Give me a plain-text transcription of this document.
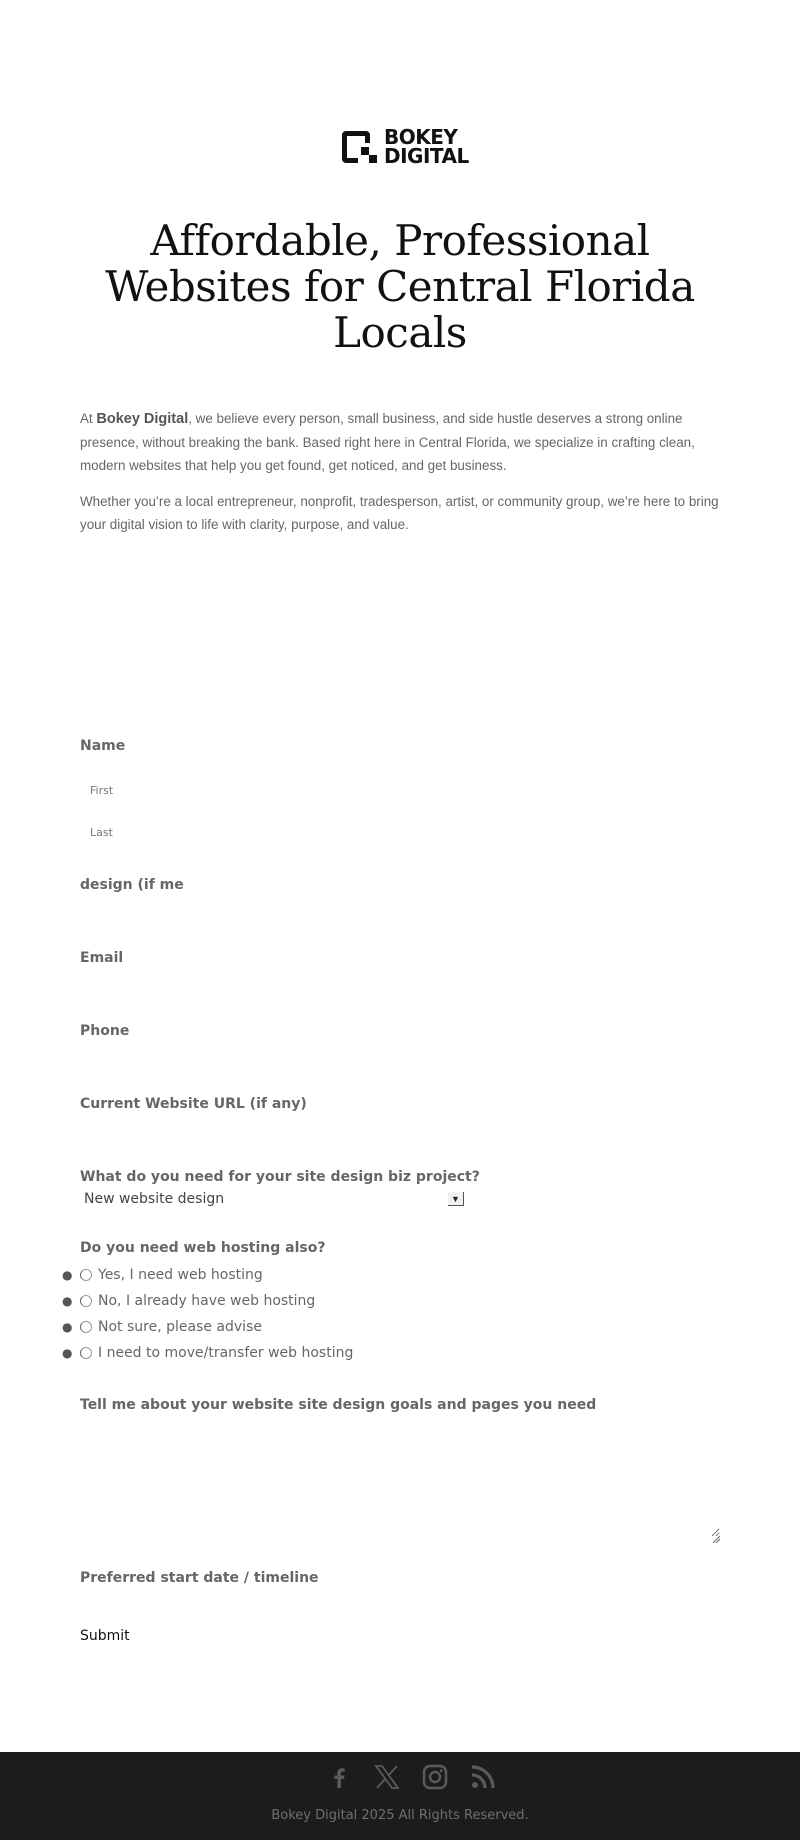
BOKEY
DIGITAL
Affordable, Professional Websites for Central Florida Locals

At Bokey Digital, we believe every person, small business, and side hustle deserves a strong online presence, without breaking the bank. Based right here in Central Florida, we specialize in crafting clean, modern websites that help you get found, get noticed, and get business.

Whether you’re a local entrepreneur, nonprofit, tradesperson, artist, or community group, we’re here to bring your digital vision to life with clarity, purpose, and value.

Name
First
Last
design (if me
Email
Phone
Current Website URL (if any)
What do you need for your site design biz project?
New website design	▼
Do you need web hosting also?
●	Yes, I need web hosting
●	No, I already have web hosting
●	Not sure, please advise
●	I need to move/transfer web hosting
Tell me about your website site design goals and pages you need
Preferred start date / timeline
Submit
Bokey Digital 2025 All Rights Reserved.
